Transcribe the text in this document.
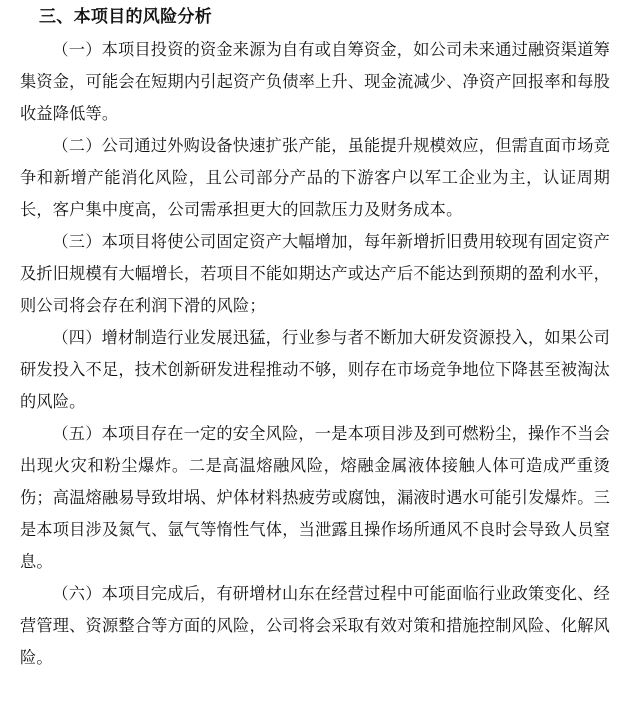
三、本项目的风险分析

（一）本项目投资的资金来源为自有或自筹资金，如公司未来通过融资渠道筹集资金，可能会在短期内引起资产负债率上升、现金流减少、净资产回报率和每股收益降低等。

（二）公司通过外购设备快速扩张产能，虽能提升规模效应，但需直面市场竞争和新增产能消化风险，且公司部分产品的下游客户以军工企业为主，认证周期长，客户集中度高，公司需承担更大的回款压力及财务成本。

（三）本项目将使公司固定资产大幅增加，每年新增折旧费用较现有固定资产及折旧规模有大幅增长，若项目不能如期达产或达产后不能达到预期的盈利水平，则公司将会存在利润下滑的风险；

（四）增材制造行业发展迅猛，行业参与者不断加大研发资源投入，如果公司研发投入不足，技术创新研发进程推动不够，则存在市场竞争地位下降甚至被淘汰的风险。

（五）本项目存在一定的安全风险，一是本项目涉及到可燃粉尘，操作不当会出现火灾和粉尘爆炸。二是高温熔融风险，熔融金属液体接触人体可造成严重烫伤；高温熔融易导致坩埚、炉体材料热疲劳或腐蚀，漏液时遇水可能引发爆炸。三是本项目涉及氮气、氩气等惰性气体，当泄露且操作场所通风不良时会导致人员窒息。

（六）本项目完成后，有研增材山东在经营过程中可能面临行业政策变化、经营管理、资源整合等方面的风险，公司将会采取有效对策和措施控制风险、化解风险。
